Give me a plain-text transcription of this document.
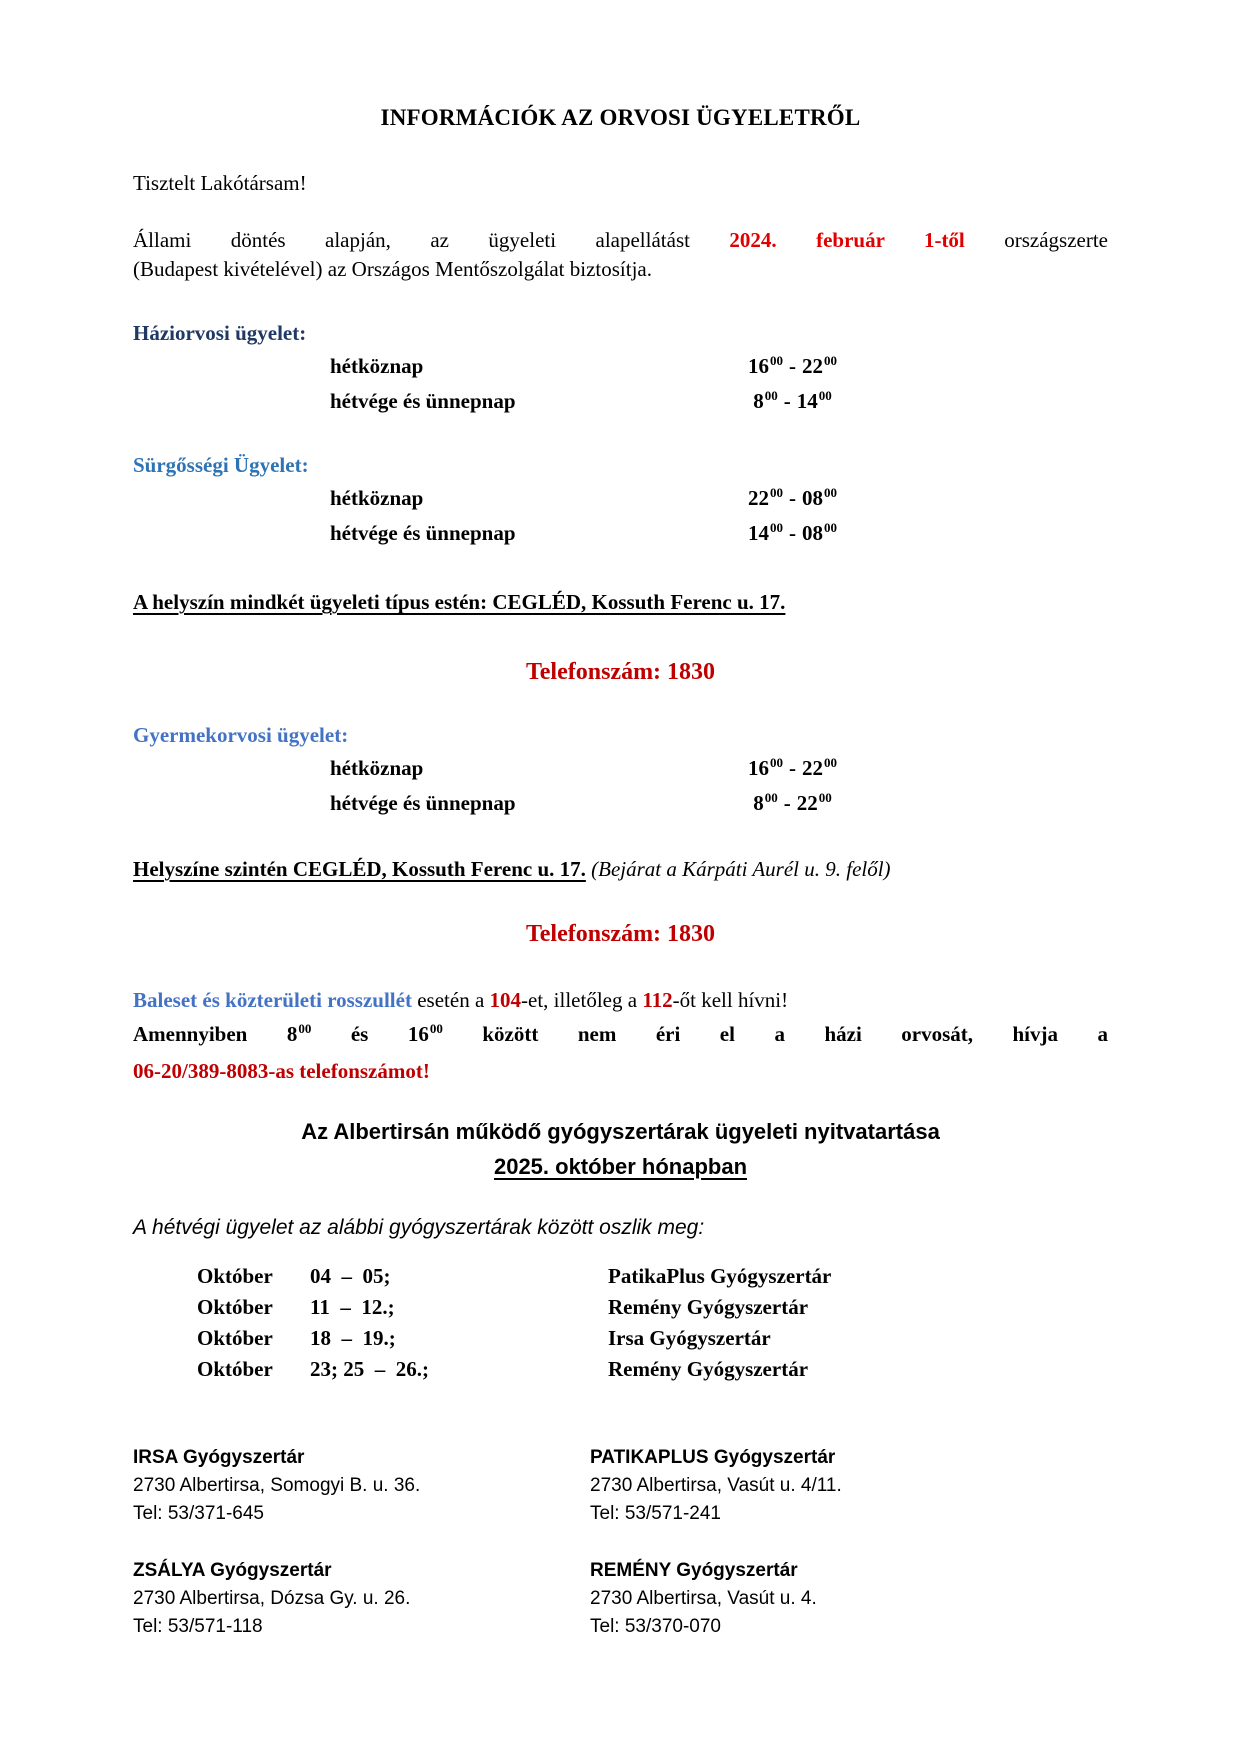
INFORMÁCIÓK AZ ORVOSI ÜGYELETRŐL

Tisztelt Lakótársam!

Állami döntés alapján, az ügyeleti alapellátást 2024. február 1-től országszerte

(Budapest kivételével) az Országos Mentőszolgálat biztosítja.

Háziorvosi ügyelet:
hétköznap	$16^{00} - 22^{00}$
hétvége és ünnepnap	$8^{00} - 14^{00}$
Sürgősségi Ügyelet:
hétköznap	$22^{00} - 08^{00}$
hétvége és ünnepnap	$14^{00} - 08^{00}$

A helyszín mindkét ügyeleti típus estén: CEGLÉD, Kossuth Ferenc u. 17.

Telefonszám: 1830

Gyermekorvosi ügyelet:
hétköznap	$16^{00} - 22^{00}$
hétvége és ünnepnap	$8^{00} - 22^{00}$

Helyszíne szintén CEGLÉD, Kossuth Ferenc u. 17. (Bejárat a Kárpáti Aurél u. 9. felől)

Telefonszám: 1830

Baleset és közterületi rosszullét esetén a 104-et, illetőleg a 112-őt kell hívni!
Amennyiben $8^{00}$ és $16^{00}$ között nem éri el a házi orvosát, hívja a
06-20/389-8083-as telefonszámot!

Az Albertirsán működő gyógyszertárak ügyeleti nyitvatartása

2025. október hónapban

A hétvégi ügyelet az alábbi gyógyszertárak között oszlik meg:

Október	04  –  05;	PatikaPlus Gyógyszertár
Október	11  –  12.;	Remény Gyógyszertár
Október	18  –  19.;	Irsa Gyógyszertár
Október	23; 25  –  26.;	Remény Gyógyszertár
IRSA Gyógyszertár
2730 Albertirsa, Somogyi B. u. 36.
Tel: 53/371-645
PATIKAPLUS Gyógyszertár
2730 Albertirsa, Vasút u. 4/11.
Tel: 53/571-241
ZSÁLYA Gyógyszertár
2730 Albertirsa, Dózsa Gy. u. 26.
Tel: 53/571-118
REMÉNY Gyógyszertár
2730 Albertirsa, Vasút u. 4.
Tel: 53/370-070
